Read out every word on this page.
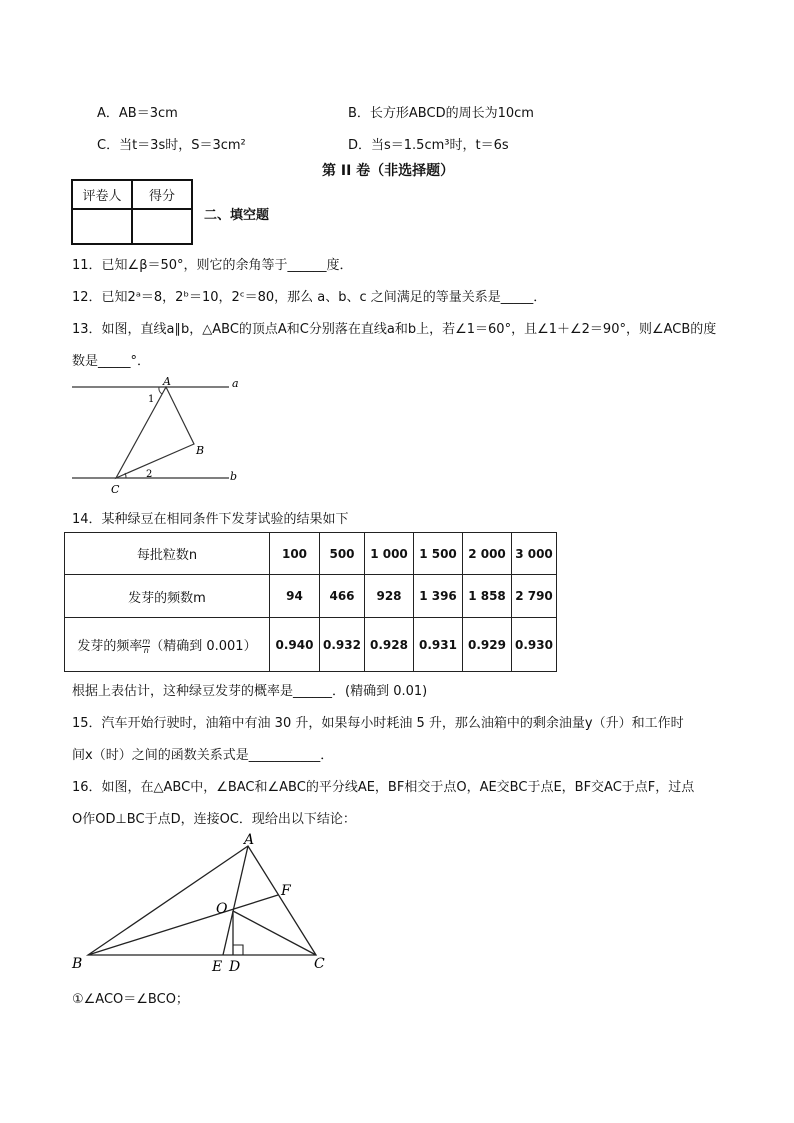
A．AB＝3cm	B．长方形ABCD的周长为10cm
C．当t＝3s时，S＝3cm²	D．当s＝1.5cm³时，t＝6s
第 II 卷（非选择题）
评卷人	得分

二、填空题
11．已知∠β＝50°，则它的余角等于______度．
12．已知2ᵃ＝8，2ᵇ＝10，2ᶜ＝80，那么 a、b、c 之间满足的等量关系是_____．
13．如图，直线a∥b，△ABC的顶点A和C分别落在直线a和b上，若∠1＝60°，且∠1＋∠2＝90°，则∠ACB的度
数是_____°．
A
B
C
a
b
1
2
14．某种绿豆在相同条件下发芽试验的结果如下
每批粒数n	100	500	1 000	1 500	2 000	3 000
发芽的频数m	94	466	928	1 396	1 858	2 790
发芽的频率 $\frac{m}{n}$ （精确到 0.001）	0.940	0.932	0.928	0.931	0.929	0.930
根据上表估计，这种绿豆发芽的概率是______．(精确到 0.01)
15．汽车开始行驶时，油箱中有油 30 升，如果每小时耗油 5 升，那么油箱中的剩余油量y（升）和工作时
间x（时）之间的函数关系式是___________．
16．如图，在△ABC中，∠BAC和∠ABC的平分线AE，BF相交于点O，AE交BC于点E，BF交AC于点F，过点
O作OD⊥BC于点D，连接OC．现给出以下结论：
A
B	C
D
E
F
O
①∠ACO＝∠BCO；
